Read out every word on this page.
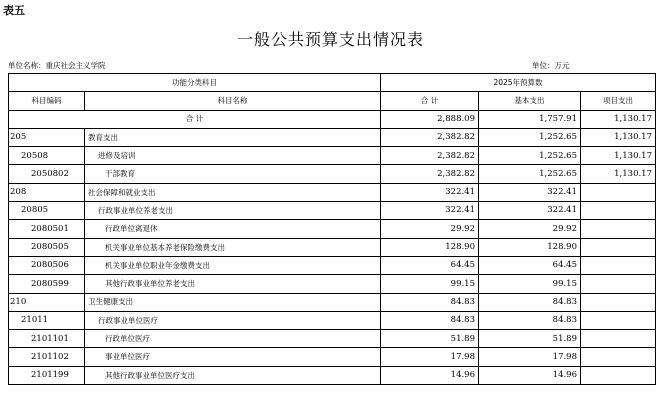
表五
一般公共预算支出情况表
单位名称：重庆社会主义学院	单位：万元
功能分类科目		2025年预算数		
科目编码	科目名称	合 计	基本支出	项目支出
合 计		2,888.09	1,757.91	1,130.17
205	教育支出	2,382.82	1,252.65	1,130.17
20508	进修及培训	2,382.82	1,252.65	1,130.17
2050802	干部教育	2,382.82	1,252.65	1,130.17
208	社会保障和就业支出	322.41	322.41	
20805	行政事业单位养老支出	322.41	322.41	
2080501	行政单位离退休	29.92	29.92	
2080505	机关事业单位基本养老保险缴费支出	128.90	128.90	
2080506	机关事业单位职业年金缴费支出	64.45	64.45	
2080599	其他行政事业单位养老支出	99.15	99.15	
210	卫生健康支出	84.83	84.83	
21011	行政事业单位医疗	84.83	84.83	
2101101	行政单位医疗	51.89	51.89	
2101102	事业单位医疗	17.98	17.98	
2101199	其他行政事业单位医疗支出	14.96	14.96	
